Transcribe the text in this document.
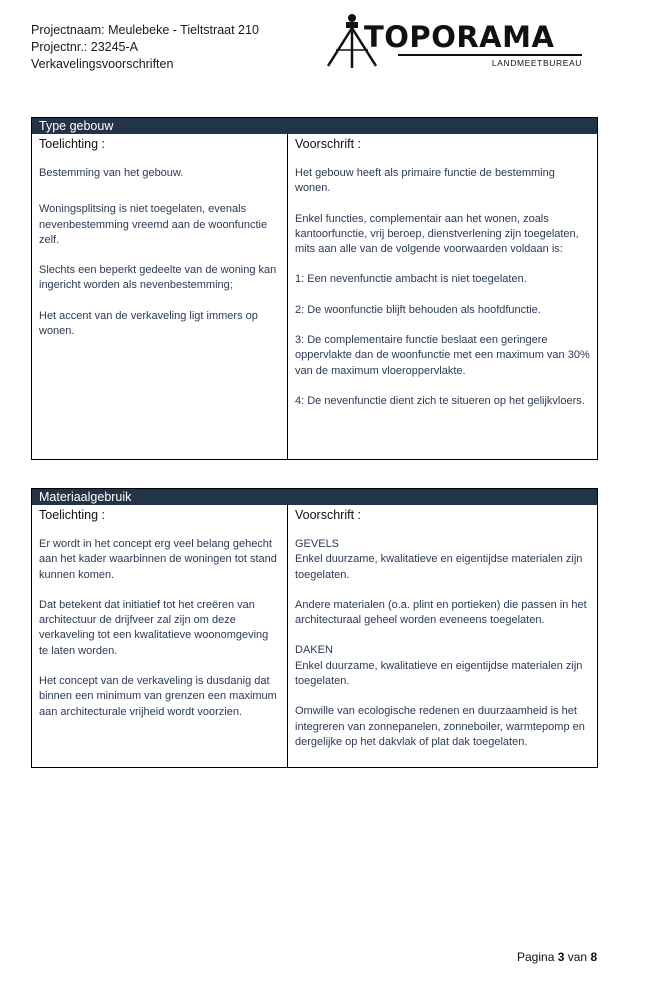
Projectnaam: Meulebeke - Tieltstraat 210
Projectnr.: 23245-A
Verkavelingsvoorschriften
TOPORAMA
LANDMEETBUREAU
Type gebouw
Toelichting :
Bestemming van het gebouw.
Woningsplitsing is niet toegelaten, evenals nevenbestemming vreemd aan de woonfunctie zelf.
Slechts een beperkt gedeelte van de woning kan ingericht worden als nevenbestemming;
Het accent van de verkaveling ligt immers op wonen.
Voorschrift :
Het gebouw heeft als primaire functie de bestemming wonen.
Enkel functies, complementair aan het wonen, zoals kantoorfunctie, vrij beroep, dienstverlening zijn toegelaten, mits aan alle van de volgende voorwaarden voldaan is:
1: Een nevenfunctie ambacht is niet toegelaten.
2: De woonfunctie blijft behouden als hoofdfunctie.
3: De complementaire functie beslaat een geringere oppervlakte dan de woonfunctie met een maximum van 30% van de maximum vloeroppervlakte.
4: De nevenfunctie dient zich te situeren op het gelijkvloers.
Materiaalgebruik
Toelichting :
Er wordt in het concept erg veel belang gehecht aan het kader waarbinnen de woningen tot stand kunnen komen.
Dat betekent dat initiatief tot het creëren van architectuur de drijfveer zal zijn om deze verkaveling tot een kwalitatieve woonomgeving te laten worden.
Het concept van de verkaveling is dusdanig dat binnen een minimum van grenzen een maximum aan architecturale vrijheid wordt voorzien.
Voorschrift :
GEVELS
Enkel duurzame, kwalitatieve en eigentijdse materialen zijn toegelaten.
Andere materialen (o.a. plint en portieken) die passen in het architecturaal geheel worden eveneens toegelaten.
DAKEN
Enkel duurzame, kwalitatieve en eigentijdse materialen zijn toegelaten.
Omwille van ecologische redenen en duurzaamheid is het integreren van zonnepanelen, zonneboiler, warmtepomp en dergelijke op het dakvlak of plat dak toegelaten.
Pagina 3 van 8
